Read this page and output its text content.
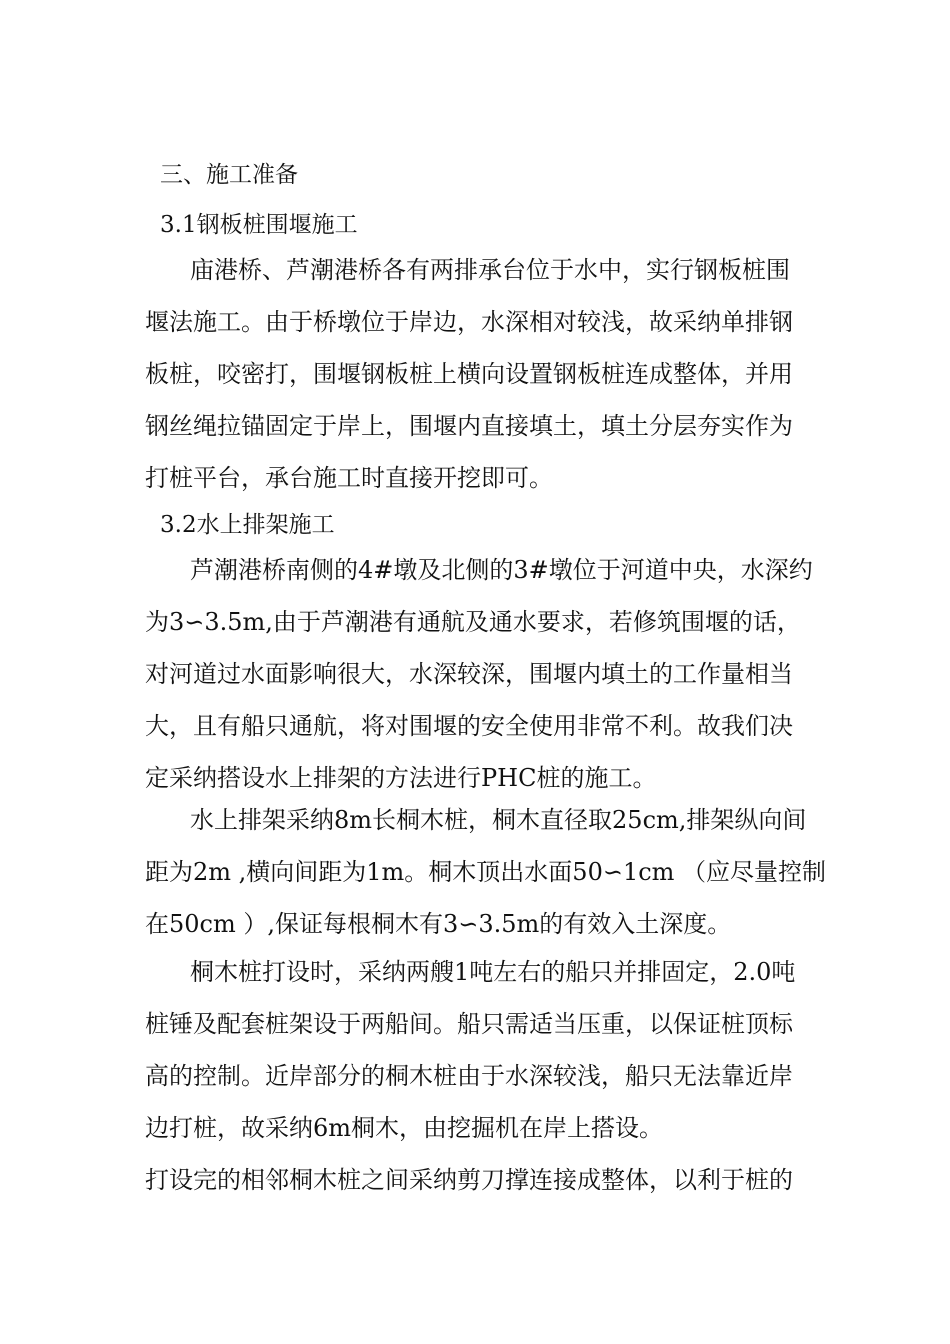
三、施工准备
3.1钢板桩围堰施工
庙港桥、芦潮港桥各有两排承台位于水中，实行钢板桩围
堰法施工。由于桥墩位于岸边，水深相对较浅，故采纳单排钢
板桩，咬密打，围堰钢板桩上横向设置钢板桩连成整体，并用
钢丝绳拉锚固定于岸上，围堰内直接填土，填土分层夯实作为
打桩平台，承台施工时直接开挖即可。
3.2水上排架施工
芦潮港桥南侧的4#墩及北侧的3#墩位于河道中央，水深约
为3∽3.5m,由于芦潮港有通航及通水要求，若修筑围堰的话，
对河道过水面影响很大，水深较深，围堰内填土的工作量相当
大，且有船只通航，将对围堰的安全使用非常不利。故我们决
定采纳搭设水上排架的方法进行PHC桩的施工。
水上排架采纳8m长桐木桩，桐木直径取25cm,排架纵向间
距为2m ,横向间距为1m。桐木顶出水面50∽1cm （应尽量控制
在50cm ）,保证每根桐木有3∽3.5m的有效入土深度。
桐木桩打设时，采纳两艘1吨左右的船只并排固定，2.0吨
桩锤及配套桩架设于两船间。船只需适当压重，以保证桩顶标
高的控制。近岸部分的桐木桩由于水深较浅，船只无法靠近岸
边打桩，故采纳6m桐木，由挖掘机在岸上搭设。
打设完的相邻桐木桩之间采纳剪刀撑连接成整体，以利于桩的
